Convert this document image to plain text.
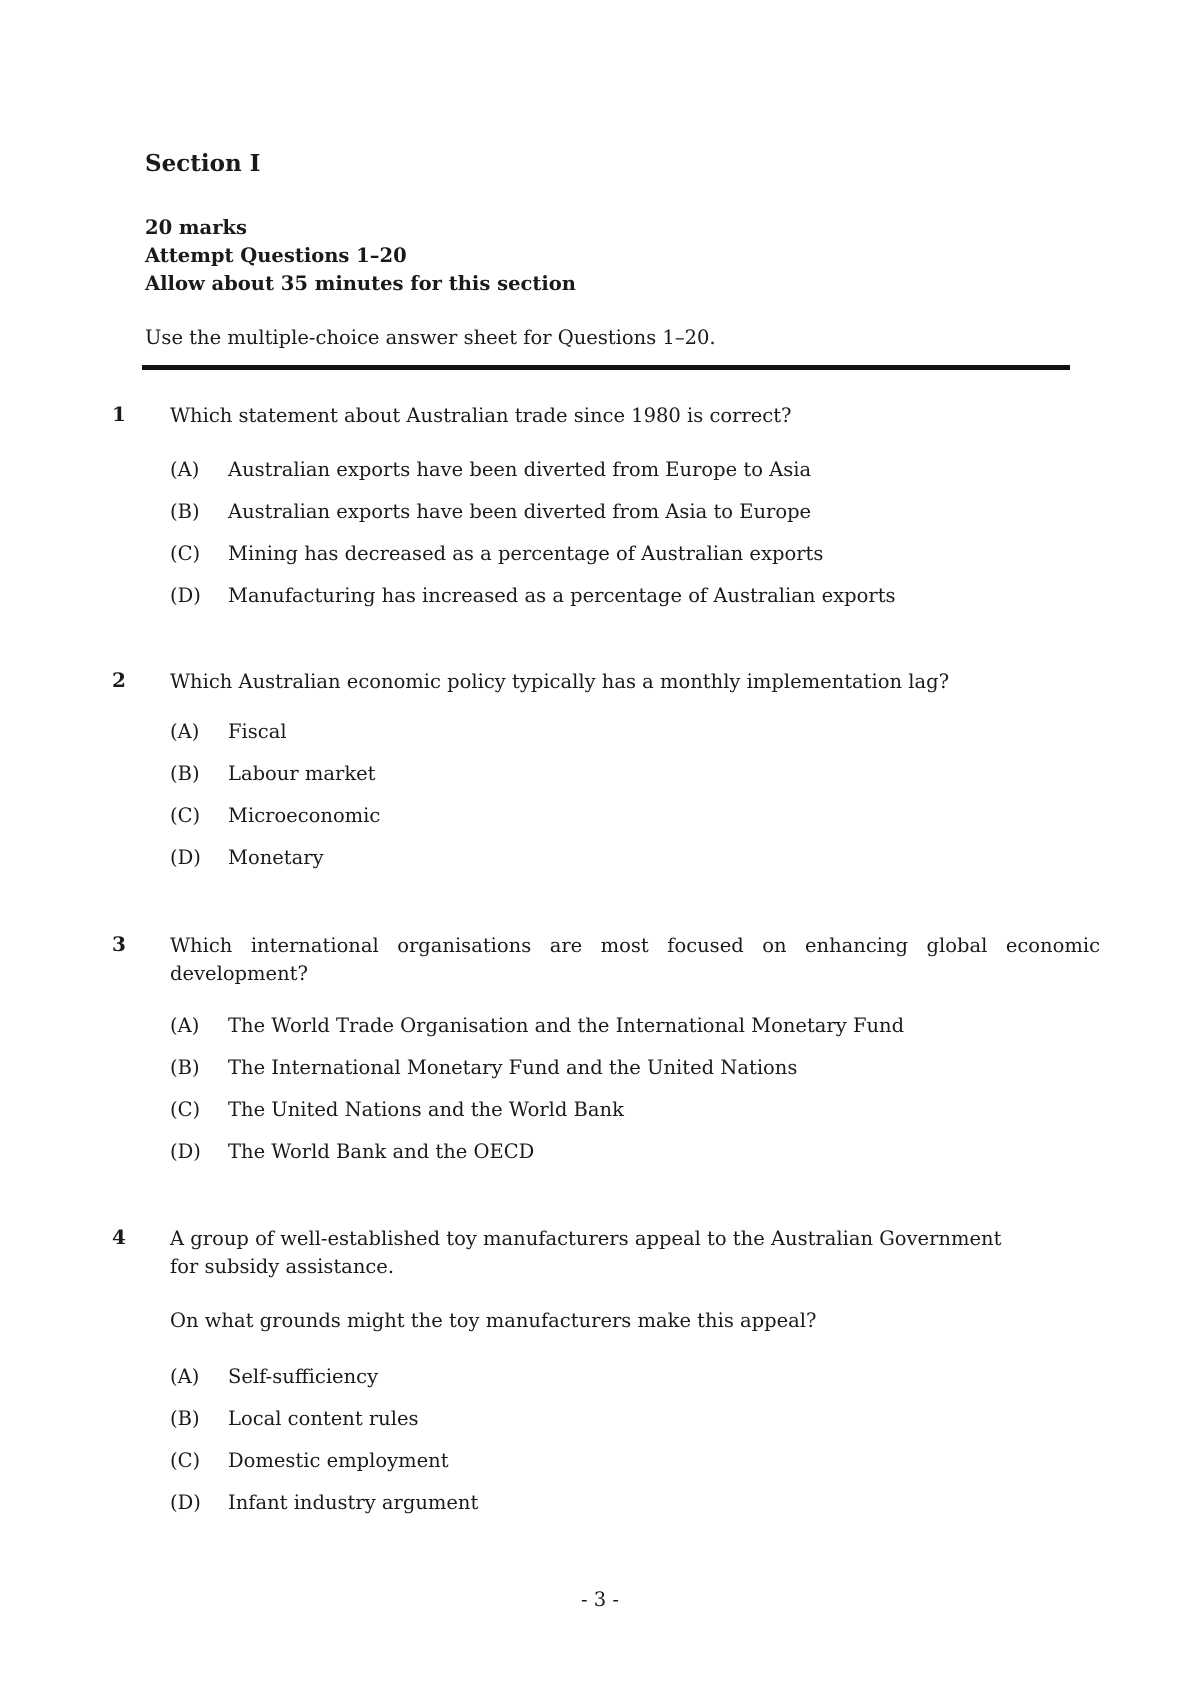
Section I
20 marks
Attempt Questions 1–20
Allow about 35 minutes for this section
Use the multiple-choice answer sheet for Questions 1–20.
1 Which statement about Australian trade since 1980 is correct?

(A) Australian exports have been diverted from Europe to Asia
(B) Australian exports have been diverted from Asia to Europe
(C) Mining has decreased as a percentage of Australian exports
(D) Manufacturing has increased as a percentage of Australian exports
2 Which Australian economic policy typically has a monthly implementation lag?

(A) Fiscal
(B) Labour market
(C) Microeconomic
(D) Monetary
3 Which international organisations are most focused on enhancing global economic development?

(A) The World Trade Organisation and the International Monetary Fund
(B) The International Monetary Fund and the United Nations
(C) The United Nations and the World Bank
(D) The World Bank and the OECD
4 A group of well-established toy manufacturers appeal to the Australian Government for subsidy assistance.

On what grounds might the toy manufacturers make this appeal?
(A) Self-sufficiency
(B) Local content rules
(C) Domestic employment
(D) Infant industry argument
- 3 -
